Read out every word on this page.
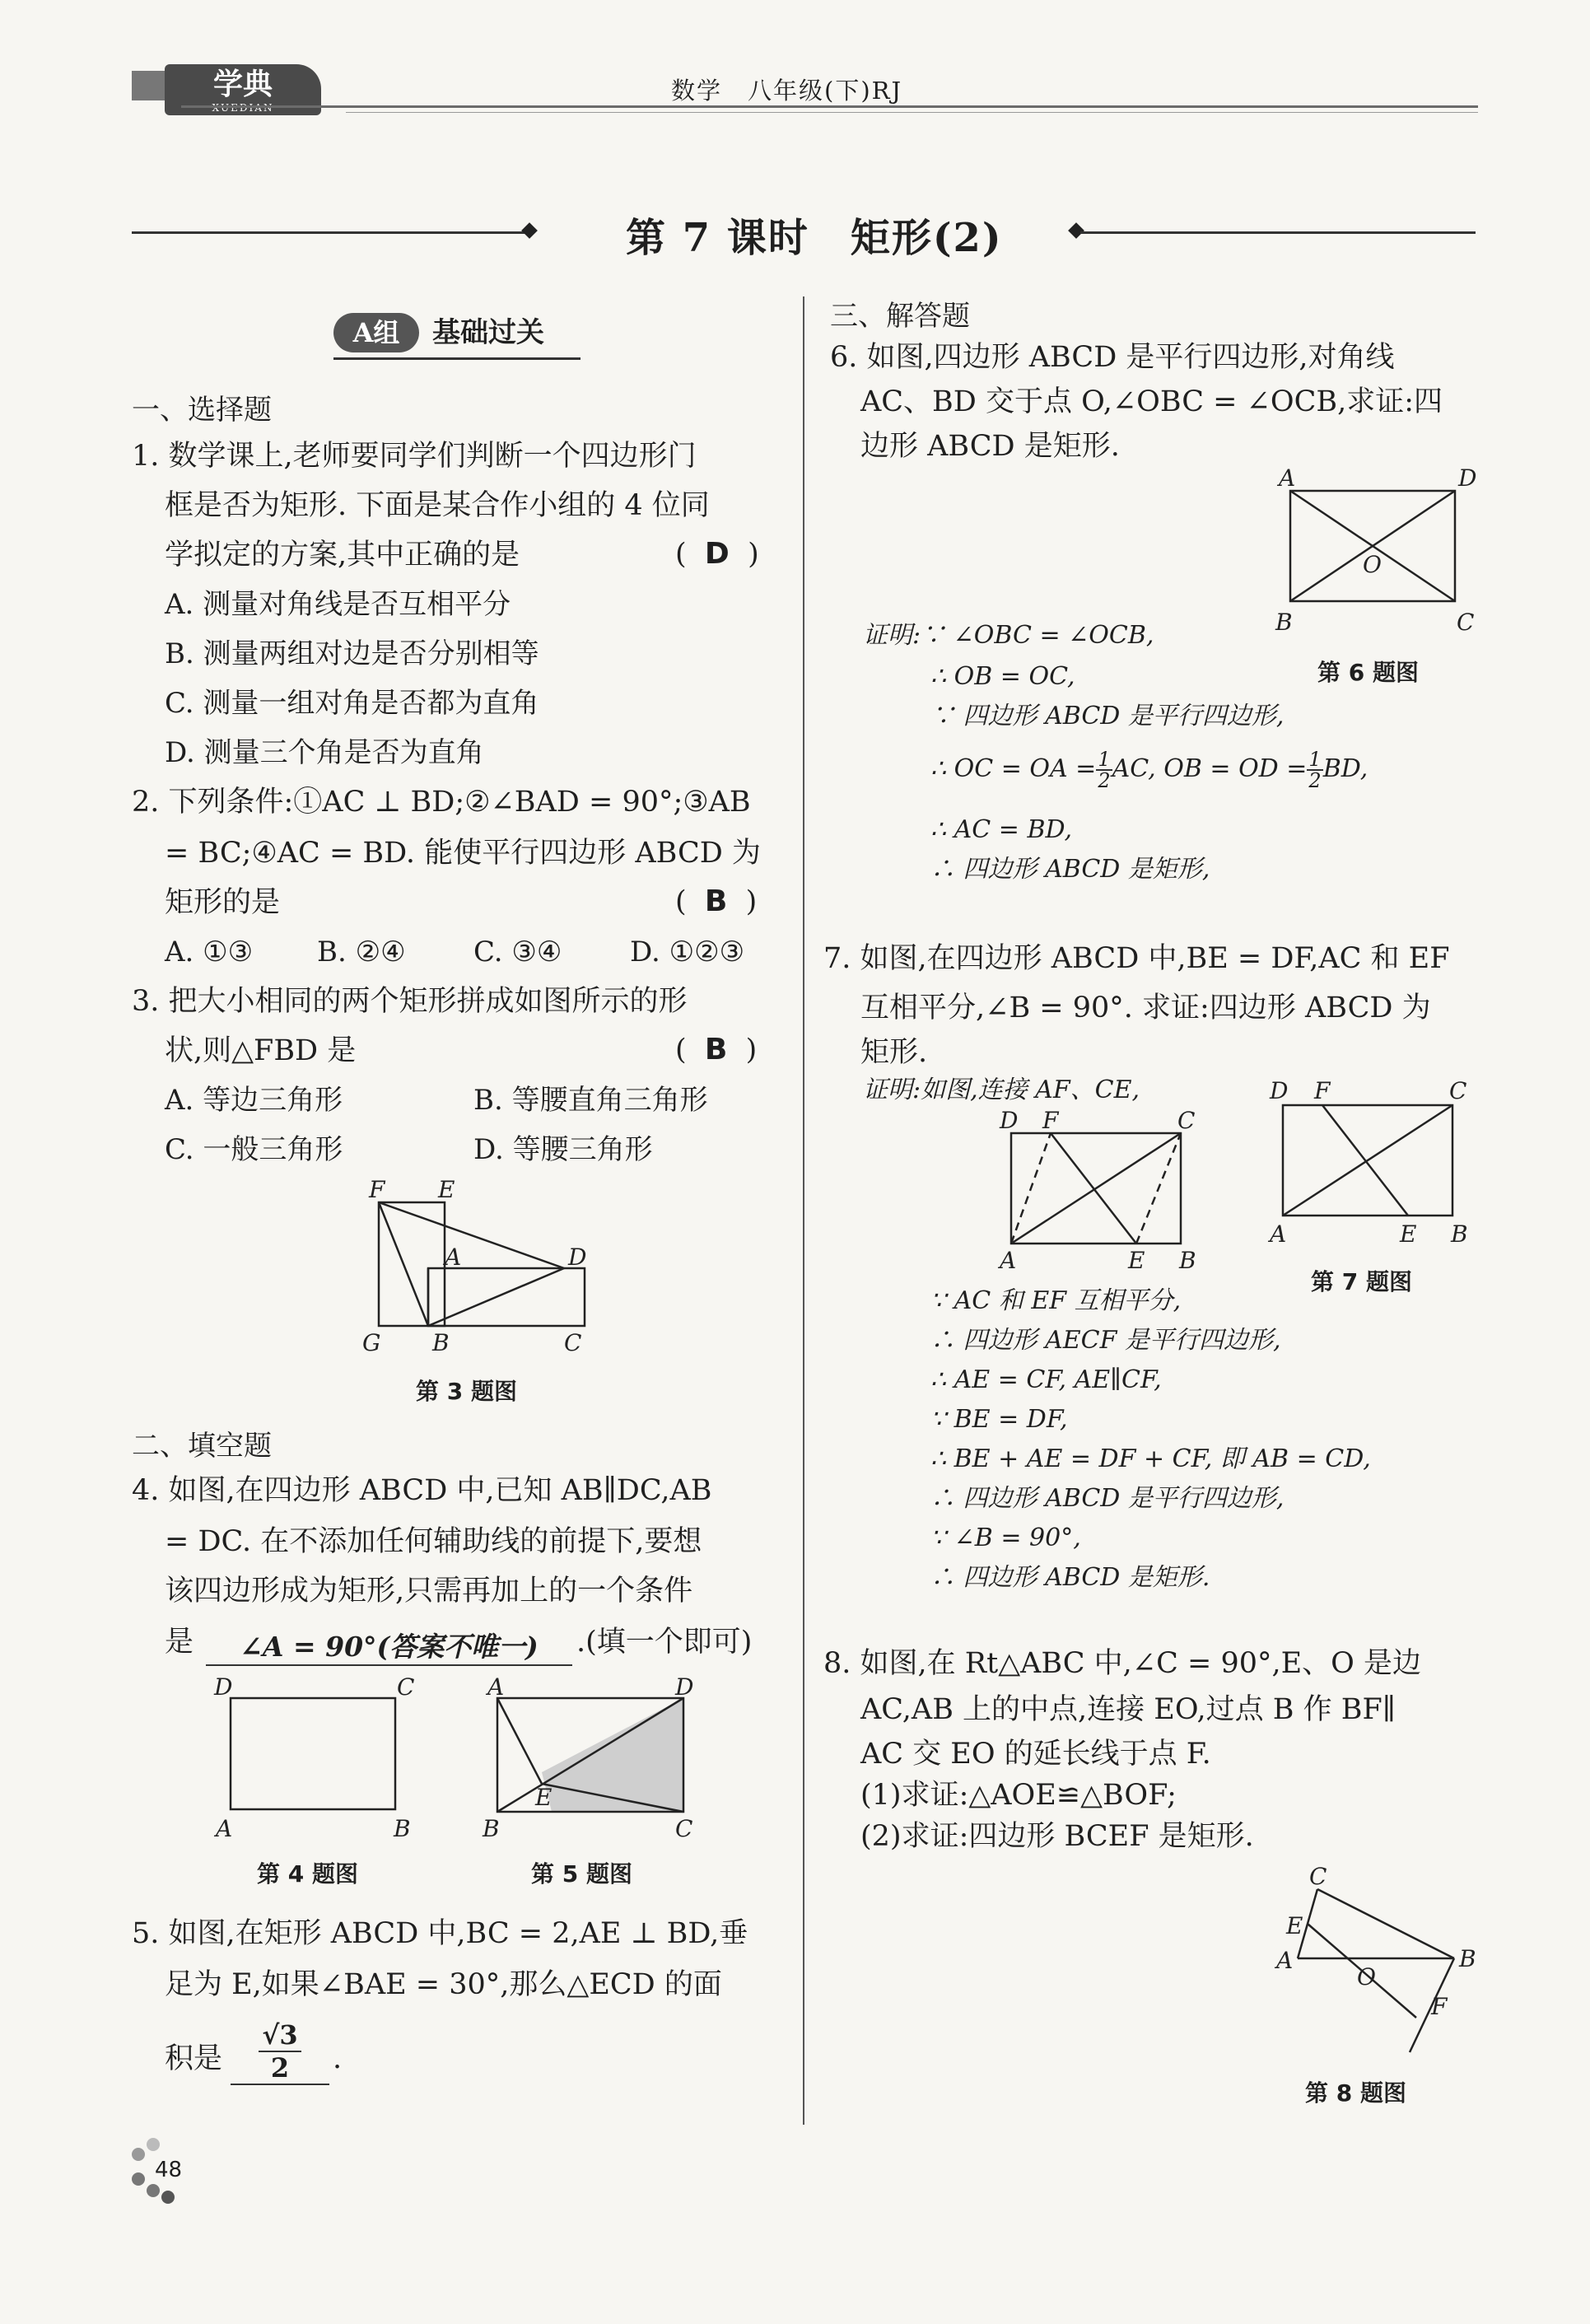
学典
XUEDIAN
数学　八年级(下)RJ
第 7 课时　矩形(2)
A组 基础过关
一、选择题
1. 数学课上,老师要同学们判断一个四边形门
框是否为矩形. 下面是某合作小组的 4 位同
学拟定的方案,其中正确的是	( D )
A. 测量对角线是否互相平分
B. 测量两组对边是否分别相等
C. 测量一组对角是否都为直角
D. 测量三个角是否为直角
2. 下列条件:①AC ⊥ BD;②∠BAD = 90°;③AB
= BC;④AC = BD. 能使平行四边形 ABCD 为
矩形的是	( B )
A. ①③ B. ②④ C. ③④ D. ①②③
3. 把大小相同的两个矩形拼成如图所示的形
状,则△FBD 是	( B )
A. 等边三角形	B. 等腰直角三角形
C. 一般三角形	D. 等腰三角形
F E
A	D
G B	C
第 3 题图
二、填空题
4. 如图,在四边形 ABCD 中,已知 AB∥DC,AB
= DC. 在不添加任何辅助线的前提下,要想
该四边形成为矩形,只需再加上的一个条件
是	∠A = 90°(答案不唯一)	.(填一个即可)
D	C
A	B
第 4 题图
A	D
E
B	C
第 5 题图
5. 如图,在矩形 ABCD 中,BC = 2,AE ⊥ BD,垂
足为 E,如果∠BAE = 30°,那么△ECD 的面
积是 $\frac{√3}{2}$ .
三、解答题
6. 如图,四边形 ABCD 是平行四边形,对角线
AC、BD 交于点 O,∠OBC = ∠OCB,求证:四
边形 ABCD 是矩形.
A	D
O
B	C
第 6 题图
证明:∵ ∠OBC = ∠OCB,
∴ OB = OC,
∵ 四边形 ABCD 是平行四边形,
∴ OC = OA = $\frac{1}{2}$ AC, OB = OD = $\frac{1}{2}$ BD,
∴ AC = BD,
∴ 四边形 ABCD 是矩形,
7. 如图,在四边形 ABCD 中,BE = DF,AC 和 EF
互相平分,∠B = 90°. 求证:四边形 ABCD 为
矩形.
证明:如图,连接 AF、CE,
D F	C
A	E B
D F	C
A	E B
第 7 题图
∵ AC 和 EF 互相平分,
∴ 四边形 AECF 是平行四边形,
∴ AE = CF, AE∥CF,
∵ BE = DF,
∴ BE + AE = DF + CF, 即 AB = CD,
∴ 四边形 ABCD 是平行四边形,
∵ ∠B = 90°,
∴ 四边形 ABCD 是矩形.
8. 如图,在 Rt△ABC 中,∠C = 90°,E、O 是边
AC,AB 上的中点,连接 EO,过点 B 作 BF∥
AC 交 EO 的延长线于点 F.
(1)求证:△AOE≌△BOF;
(2)求证:四边形 BCEF 是矩形.
C
E
A
O
B
F
第 8 题图
48
